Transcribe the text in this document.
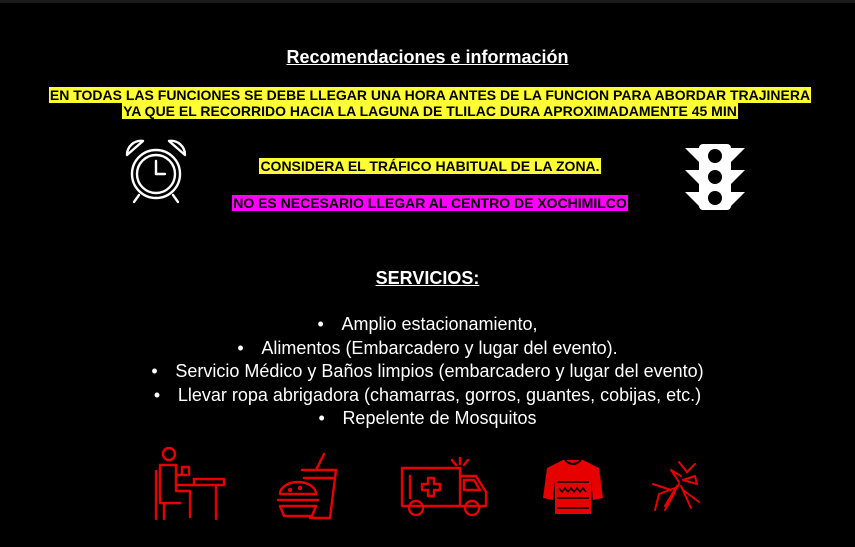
Recomendaciones e información
EN TODAS LAS FUNCIONES SE DEBE LLEGAR UNA HORA ANTES DE LA FUNCION PARA ABORDAR TRAJINERA YA QUE EL RECORRIDO HACIA LA LAGUNA DE TLILAC DURA APROXIMADAMENTE 45 MIN
CONSIDERA EL TRÁFICO HABITUAL DE LA ZONA.
NO ES NECESARIO LLEGAR AL CENTRO DE XOCHIMILCO
SERVICIOS:
• Amplio estacionamiento,
• Alimentos (Embarcadero y lugar del evento).
• Servicio Médico y Baños limpios (embarcadero y lugar del evento)
• Llevar ropa abrigadora (chamarras, gorros, guantes, cobijas, etc.)
• Repelente de Mosquitos
